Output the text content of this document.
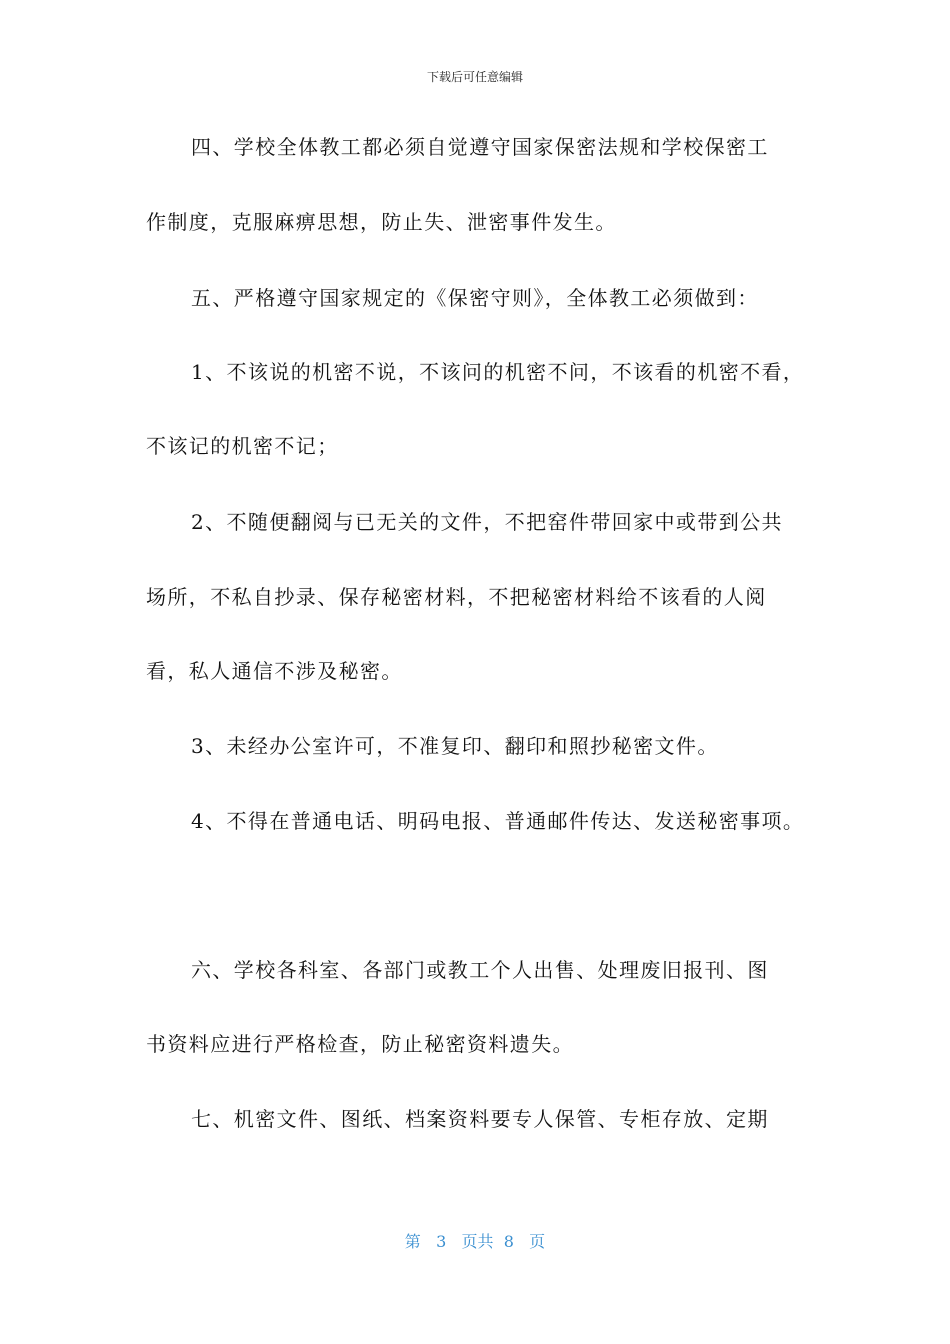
下载后可任意编辑
四、学校全体教工都必须自觉遵守国家保密法规和学校保密工
作制度，克服麻痹思想，防止失、泄密事件发生。
五、严格遵守国家规定的《保密守则》，全体教工必须做到：
1、不该说的机密不说，不该问的机密不问，不该看的机密不看，
不该记的机密不记；
2、不随便翻阅与已无关的文件，不把窑件带回家中或带到公共
场所，不私自抄录、保存秘密材料，不把秘密材料给不该看的人阅
看，私人通信不涉及秘密。
3、未经办公室许可，不准复印、翻印和照抄秘密文件。
4、不得在普通电话、明码电报、普通邮件传达、发送秘密事项。
六、学校各科室、各部门或教工个人出售、处理废旧报刊、图
书资料应进行严格检查，防止秘密资料遗失。
七、机密文件、图纸、档案资料要专人保管、专柜存放、定期
第 3 页共 8 页
